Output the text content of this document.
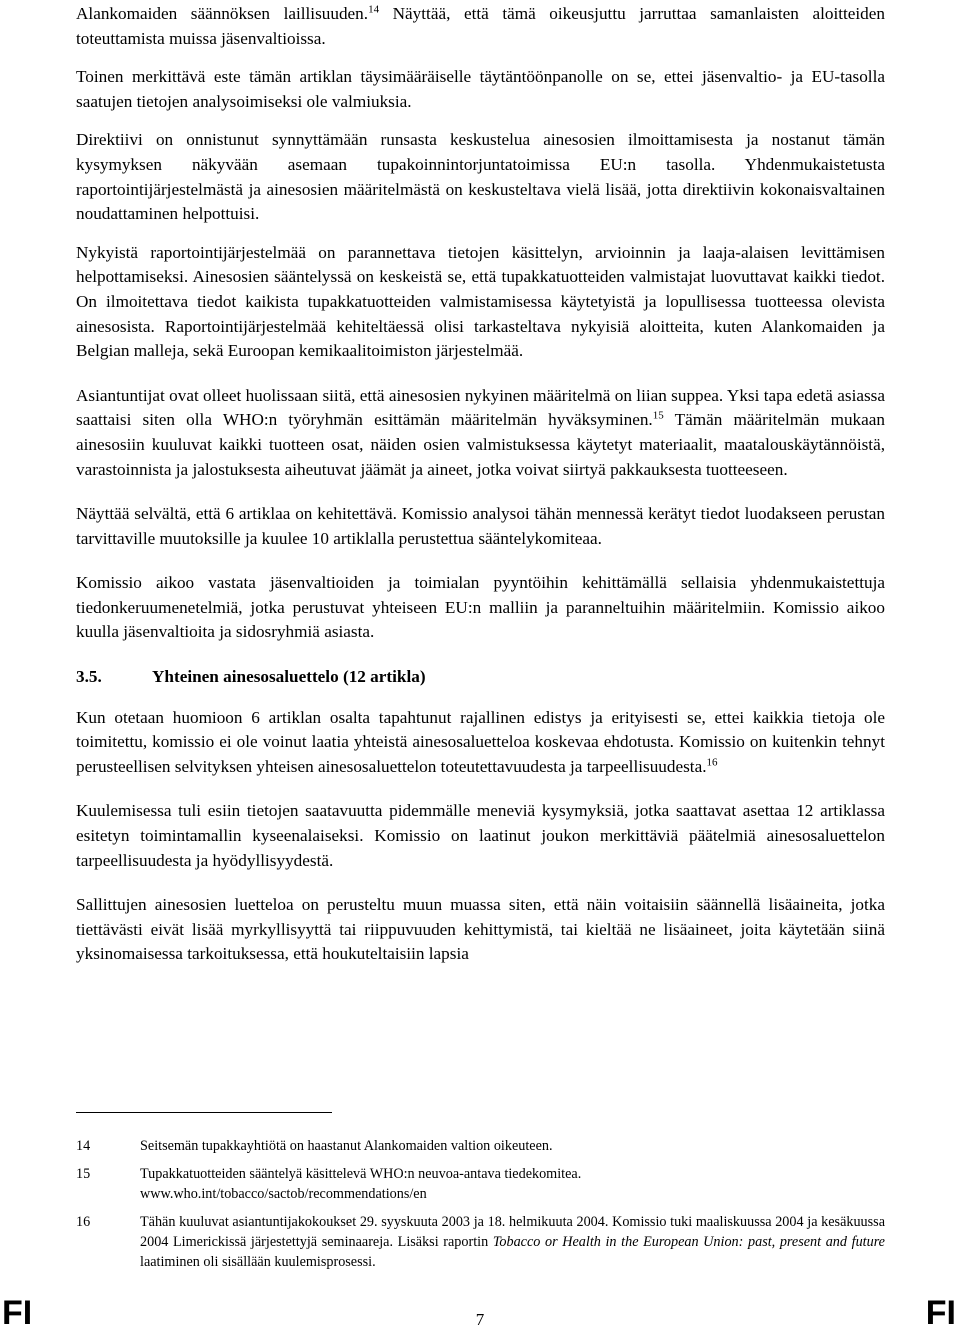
Alankomaiden säännöksen laillisuuden.$^{14}$ Näyttää, että tämä oikeusjuttu jarruttaa samanlaisten aloitteiden toteuttamista muissa jäsenvaltioissa.

Toinen merkittävä este tämän artiklan täysimääräiselle täytäntöönpanolle on se, ettei jäsenvaltio- ja EU-tasolla saatujen tietojen analysoimiseksi ole valmiuksia.

Direktiivi on onnistunut synnyttämään runsasta keskustelua ainesosien ilmoittamisesta ja nostanut tämän kysymyksen näkyvään asemaan tupakoinnintorjuntatoimissa EU:n tasolla. Yhdenmukaistetusta raportointijärjestelmästä ja ainesosien määritelmästä on keskusteltava vielä lisää, jotta direktiivin kokonaisvaltainen noudattaminen helpottuisi.

Nykyistä raportointijärjestelmää on parannettava tietojen käsittelyn, arvioinnin ja laaja-alaisen levittämisen helpottamiseksi. Ainesosien sääntelyssä on keskeistä se, että tupakkatuotteiden valmistajat luovuttavat kaikki tiedot. On ilmoitettava tiedot kaikista tupakkatuotteiden valmistamisessa käytetyistä ja lopullisessa tuotteessa olevista ainesosista. Raportointijärjestelmää kehiteltäessä olisi tarkasteltava nykyisiä aloitteita, kuten Alankomaiden ja Belgian malleja, sekä Euroopan kemikaalitoimiston järjestelmää.

Asiantuntijat ovat olleet huolissaan siitä, että ainesosien nykyinen määritelmä on liian suppea. Yksi tapa edetä asiassa saattaisi siten olla WHO:n työryhmän esittämän määritelmän hyväksyminen.$^{15}$ Tämän määritelmän mukaan ainesosiin kuuluvat kaikki tuotteen osat, näiden osien valmistuksessa käytetyt materiaalit, maatalouskäytännöistä, varastoinnista ja jalostuksesta aiheutuvat jäämät ja aineet, jotka voivat siirtyä pakkauksesta tuotteeseen.

Näyttää selvältä, että 6 artiklaa on kehitettävä. Komissio analysoi tähän mennessä kerätyt tiedot luodakseen perustan tarvittaville muutoksille ja kuulee 10 artiklalla perustettua sääntelykomiteaa.

Komissio aikoo vastata jäsenvaltioiden ja toimialan pyyntöihin kehittämällä sellaisia yhdenmukaistettuja tiedonkeruumenetelmiä, jotka perustuvat yhteiseen EU:n malliin ja paranneltuihin määritelmiin. Komissio aikoo kuulla jäsenvaltioita ja sidosryhmiä asiasta.

3.5.	Yhteinen ainesosaluettelo (12 artikla)

Kun otetaan huomioon 6 artiklan osalta tapahtunut rajallinen edistys ja erityisesti se, ettei kaikkia tietoja ole toimitettu, komissio ei ole voinut laatia yhteistä ainesosaluetteloa koskevaa ehdotusta. Komissio on kuitenkin tehnyt perusteellisen selvityksen yhteisen ainesosaluettelon toteutettavuudesta ja tarpeellisuudesta.$^{16}$

Kuulemisessa tuli esiin tietojen saatavuutta pidemmälle meneviä kysymyksiä, jotka saattavat asettaa 12 artiklassa esitetyn toimintamallin kyseenalaiseksi. Komissio on laatinut joukon merkittäviä päätelmiä ainesosaluettelon tarpeellisuudesta ja hyödyllisyydestä.

Sallittujen ainesosien luetteloa on perusteltu muun muassa siten, että näin voitaisiin säännellä lisäaineita, jotka tiettävästi eivät lisää myrkyllisyyttä tai riippuvuuden kehittymistä, tai kieltää ne lisäaineet, joita käytetään siinä yksinomaisessa tarkoituksessa, että houkuteltaisiin lapsia

14	Seitsemän tupakkayhtiötä on haastanut Alankomaiden valtion oikeuteen.
15	Tupakkatuotteiden sääntelyä käsittelevä WHO:n neuvoa-antava tiedekomitea.
www.who.int/tobacco/sactob/recommendations/en
16	Tähän kuuluvat asiantuntijakokoukset 29. syyskuuta 2003 ja 18. helmikuuta 2004. Komissio tuki maaliskuussa 2004 ja kesäkuussa 2004 Limerickissä järjestettyjä seminaareja. Lisäksi raportin Tobacco or Health in the European Union: past, present and future laatiminen oli sisällään kuulemisprosessi.
FI	7	FI
